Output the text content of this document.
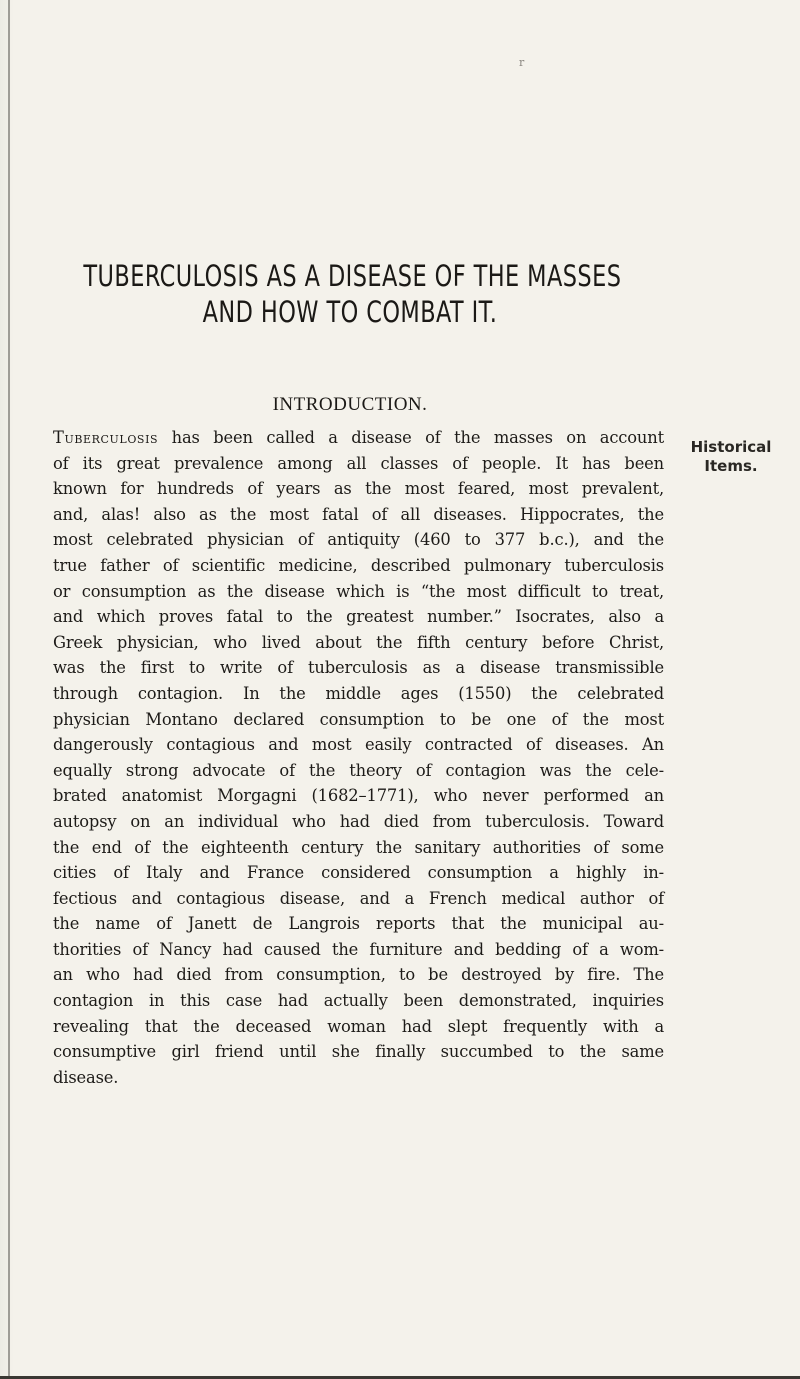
r
TUBERCULOSIS AS A DISEASE OF THE MASSES
AND HOW TO COMBAT IT.
INTRODUCTION.
Tuberculosis has been called a disease of the masses on account
of its great prevalence among all classes of people. It has been
known for hundreds of years as the most feared, most prevalent,
and, alas! also as the most fatal of all diseases. Hippocrates, the
most celebrated physician of antiquity (460 to 377 b.c.), and the
true father of scientific medicine, described pulmonary tuberculosis
or consumption as the disease which is “the most difficult to treat,
and which proves fatal to the greatest number.” Isocrates, also a
Greek physician, who lived about the fifth century before Christ,
was the first to write of tuberculosis as a disease transmissible
through contagion. In the middle ages (1550) the celebrated
physician Montano declared consumption to be one of the most
dangerously contagious and most easily contracted of diseases. An
equally strong advocate of the theory of contagion was the cele-
brated anatomist Morgagni (1682–1771), who never performed an
autopsy on an individual who had died from tuberculosis. Toward
the end of the eighteenth century the sanitary authorities of some
cities of Italy and France considered consumption a highly in-
fectious and contagious disease, and a French medical author of
the name of Janett de Langrois reports that the municipal au-
thorities of Nancy had caused the furniture and bedding of a wom-
an who had died from consumption, to be destroyed by fire. The
contagion in this case had actually been demonstrated, inquiries
revealing that the deceased woman had slept frequently with a
consumptive girl friend until she finally succumbed to the same
disease.
Historical
Items.
